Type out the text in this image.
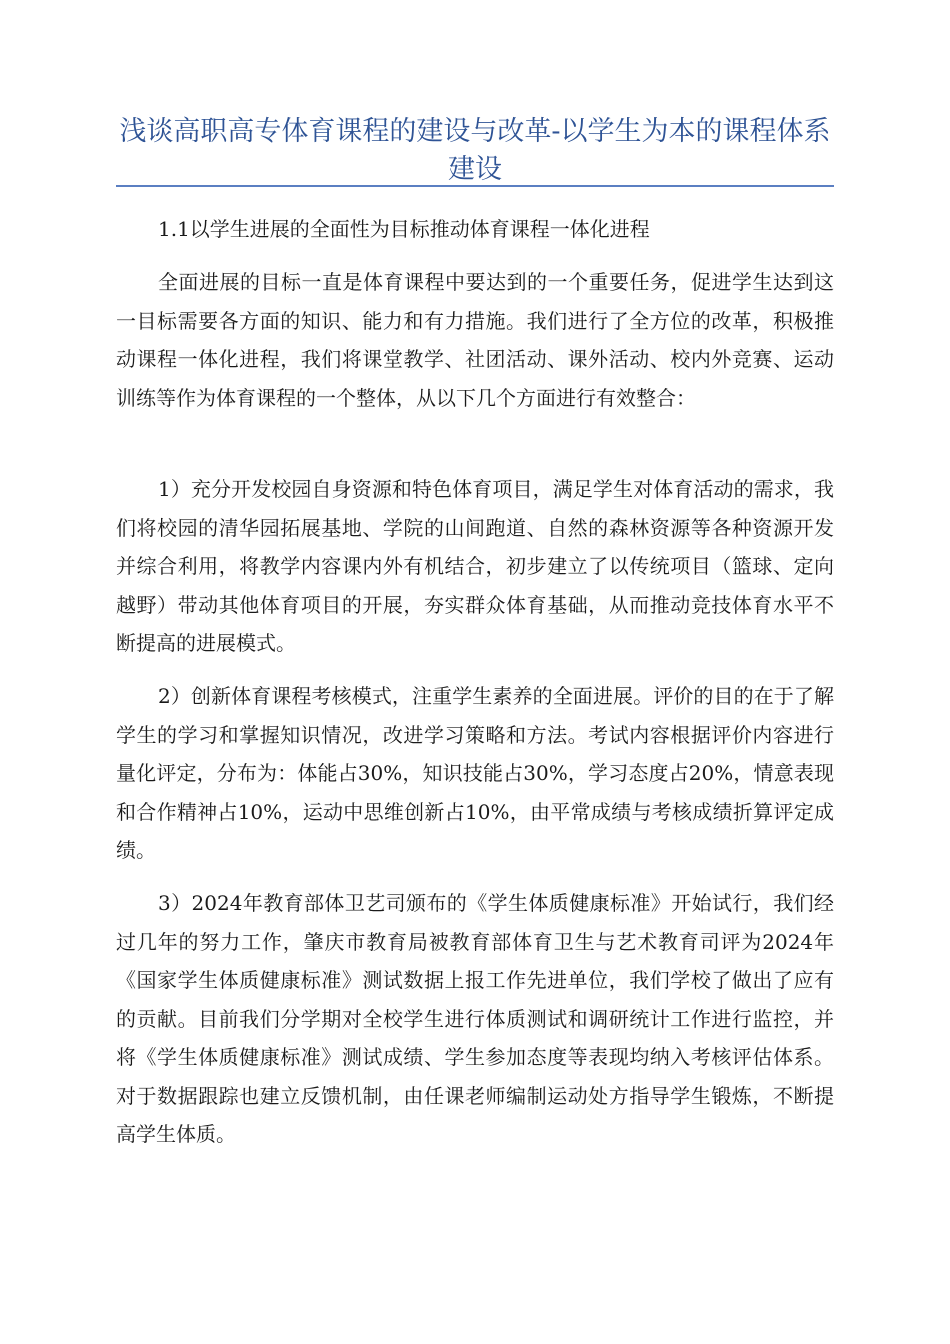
浅谈高职高专体育课程的建设与改革-以学生为本的课程体系建设

1.1以学生进展的全面性为目标推动体育课程一体化进程

全面进展的目标一直是体育课程中要达到的一个重要任务，促进学生达到这一目标需要各方面的知识、能力和有力措施。我们进行了全方位的改革，积极推动课程一体化进程，我们将课堂教学、社团活动、课外活动、校内外竞赛、运动训练等作为体育课程的一个整体，从以下几个方面进行有效整合：

1）充分开发校园自身资源和特色体育项目，满足学生对体育活动的需求，我们将校园的清华园拓展基地、学院的山间跑道、自然的森林资源等各种资源开发并综合利用，将教学内容课内外有机结合，初步建立了以传统项目（篮球、定向越野）带动其他体育项目的开展，夯实群众体育基础，从而推动竞技体育水平不断提高的进展模式。

2）创新体育课程考核模式，注重学生素养的全面进展。评价的目的在于了解学生的学习和掌握知识情况，改进学习策略和方法。考试内容根据评价内容进行量化评定，分布为：体能占30%，知识技能占30%，学习态度占20%，情意表现和合作精神占10%，运动中思维创新占10%，由平常成绩与考核成绩折算评定成绩。

3）2024年教育部体卫艺司颁布的《学生体质健康标准》开始试行，我们经过几年的努力工作，肇庆市教育局被教育部体育卫生与艺术教育司评为2024年《国家学生体质健康标准》测试数据上报工作先进单位，我们学校了做出了应有的贡献。目前我们分学期对全校学生进行体质测试和调研统计工作进行监控，并将《学生体质健康标准》测试成绩、学生参加态度等表现均纳入考核评估体系。对于数据跟踪也建立反馈机制，由任课老师编制运动处方指导学生锻炼，不断提高学生体质。
